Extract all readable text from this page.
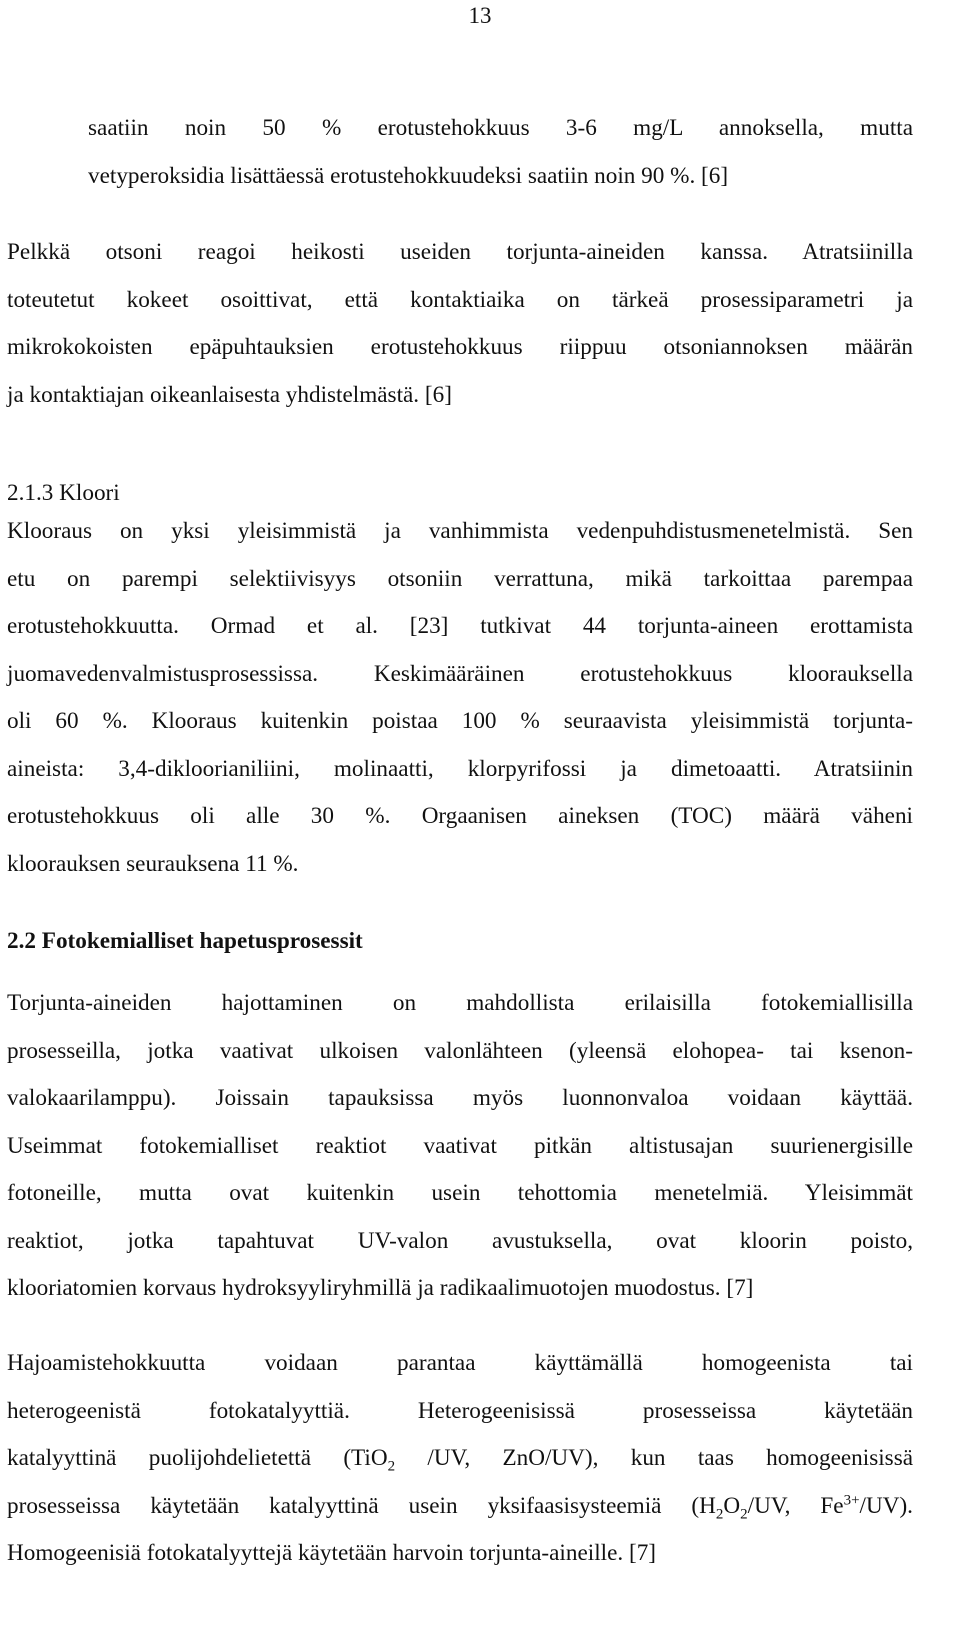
13
saatiin noin 50 % erotustehokkuus 3-6 mg/L annoksella, mutta
vetyperoksidia lisättäessä erotustehokkuudeksi saatiin noin 90 %. [6]
Pelkkä otsoni reagoi heikosti useiden torjunta-aineiden kanssa. Atratsiinilla
toteutetut kokeet osoittivat, että kontaktiaika on tärkeä prosessiparametri ja
mikrokokoisten epäpuhtauksien erotustehokkuus riippuu otsoniannoksen määrän
ja kontaktiajan oikeanlaisesta yhdistelmästä. [6]
2.1.3 Kloori
Klooraus on yksi yleisimmistä ja vanhimmista vedenpuhdistusmenetelmistä. Sen
etu on parempi selektiivisyys otsoniin verrattuna, mikä tarkoittaa parempaa
erotustehokkuutta. Ormad et al. [23] tutkivat 44 torjunta-aineen erottamista
juomavedenvalmistusprosessissa. Keskimääräinen erotustehokkuus kloorauksella
oli 60 %. Klooraus kuitenkin poistaa 100 % seuraavista yleisimmistä torjunta-
aineista: 3,4-dikloorianiliini, molinaatti, klorpyrifossi ja dimetoaatti. Atratsiinin
erotustehokkuus oli alle 30 %. Orgaanisen aineksen (TOC) määrä väheni
kloorauksen seurauksena 11 %.
2.2 Fotokemialliset hapetusprosessit
Torjunta-aineiden hajottaminen on mahdollista erilaisilla fotokemiallisilla
prosesseilla, jotka vaativat ulkoisen valonlähteen (yleensä elohopea- tai ksenon-
valokaarilamppu). Joissain tapauksissa myös luonnonvaloa voidaan käyttää.
Useimmat fotokemialliset reaktiot vaativat pitkän altistusajan suurienergisille
fotoneille, mutta ovat kuitenkin usein tehottomia menetelmiä. Yleisimmät
reaktiot, jotka tapahtuvat UV-valon avustuksella, ovat kloorin poisto,
klooriatomien korvaus hydroksyyliryhmillä ja radikaalimuotojen muodostus. [7]
Hajoamistehokkuutta voidaan parantaa käyttämällä homogeenista tai
heterogeenistä fotokatalyyttiä. Heterogeenisissä prosesseissa käytetään
katalyyttinä puolijohdelietettä (TiO$_2$ /UV, ZnO/UV), kun taas homogeenisissä
prosesseissa käytetään katalyyttinä usein yksifaasisysteemiä ($H_2O_2/UV$, $Fe^{3+}/UV$).
Homogeenisiä fotokatalyyttejä käytetään harvoin torjunta-aineille. [7]
